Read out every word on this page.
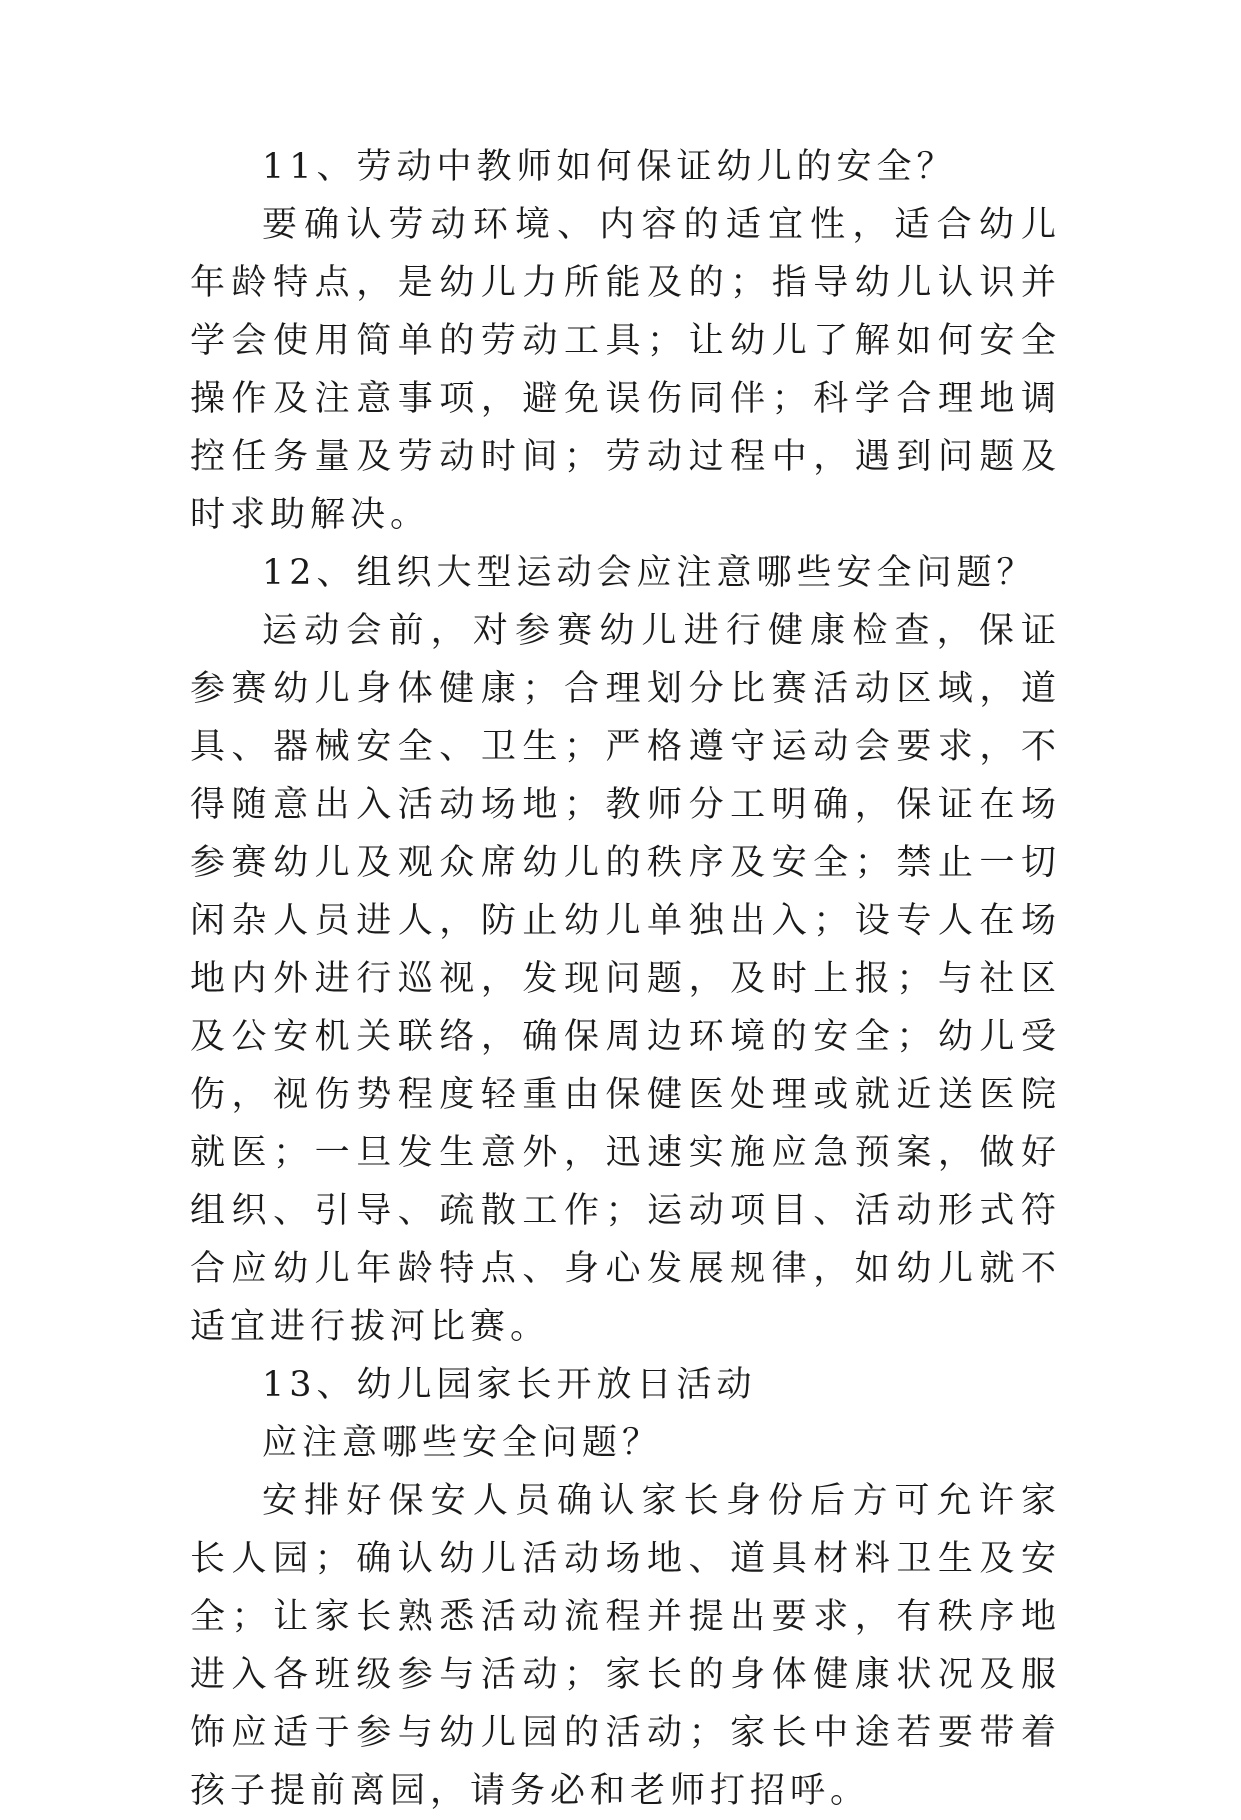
11、劳动中教师如何保证幼儿的安全？

要确认劳动环境、内容的适宜性，适合幼儿年龄特点，是幼儿力所能及的；指导幼儿认识并学会使用简单的劳动工具；让幼儿了解如何安全操作及注意事项，避免误伤同伴；科学合理地调控任务量及劳动时间；劳动过程中，遇到问题及时求助解决。

12、组织大型运动会应注意哪些安全问题？

运动会前，对参赛幼儿进行健康检查，保证参赛幼儿身体健康；合理划分比赛活动区域，道具、器械安全、卫生；严格遵守运动会要求，不得随意出入活动场地；教师分工明确，保证在场参赛幼儿及观众席幼儿的秩序及安全；禁止一切闲杂人员进人，防止幼儿单独出入；设专人在场地内外进行巡视，发现问题，及时上报；与社区及公安机关联络，确保周边环境的安全；幼儿受伤，视伤势程度轻重由保健医处理或就近送医院就医；一旦发生意外，迅速实施应急预案，做好组织、引导、疏散工作；运动项目、活动形式符合应幼儿年龄特点、身心发展规律，如幼儿就不适宜进行拔河比赛。

13、幼儿园家长开放日活动

应注意哪些安全问题？

安排好保安人员确认家长身份后方可允许家长人园；确认幼儿活动场地、道具材料卫生及安全；让家长熟悉活动流程并提出要求，有秩序地进入各班级参与活动；家长的身体健康状况及服饰应适于参与幼儿园的活动；家长中途若要带着孩子提前离园，请务必和老师打招呼。
